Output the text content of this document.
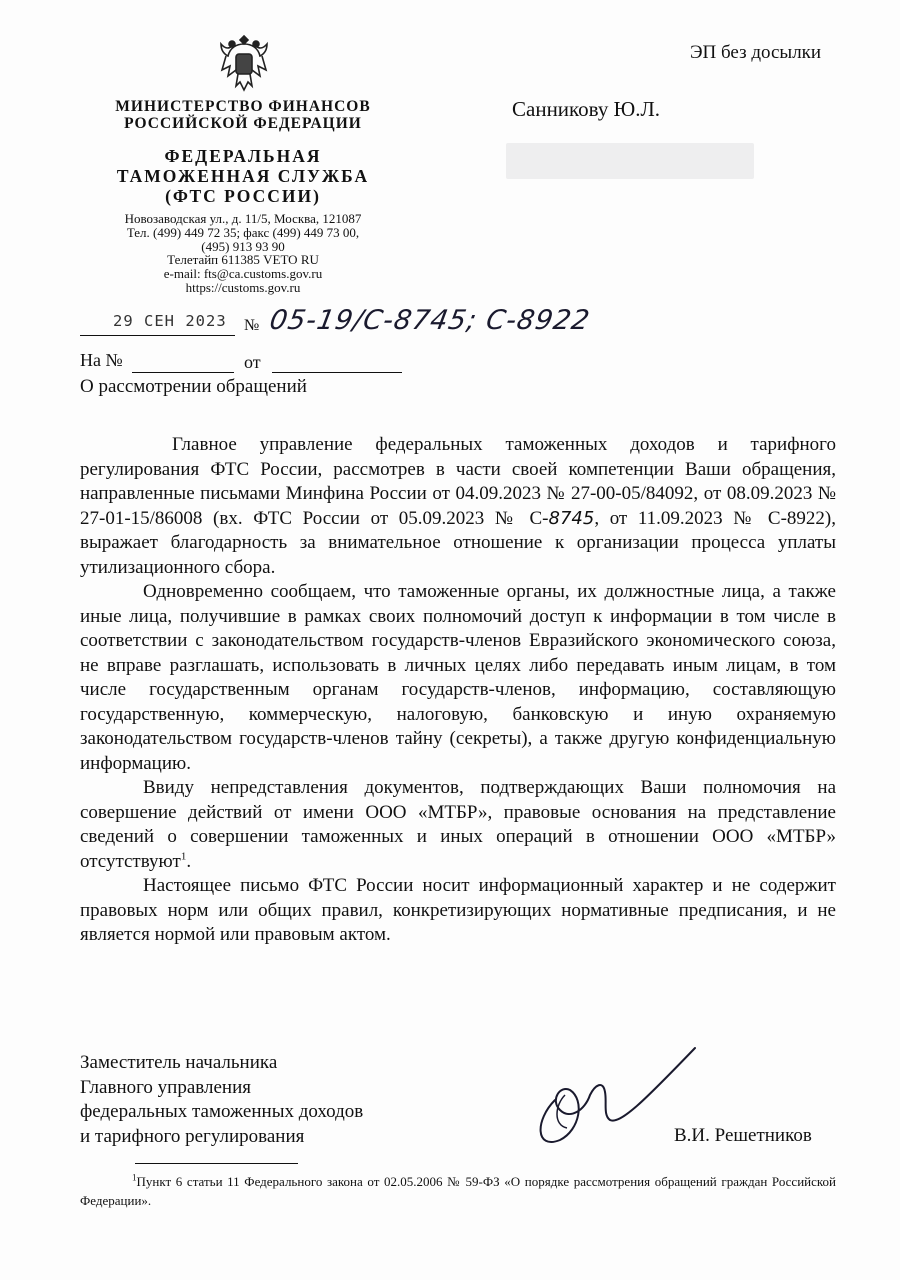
МИНИСТЕРСТВО ФИНАНСОВ
РОССИЙСКОЙ ФЕДЕРАЦИИ
ФЕДЕРАЛЬНАЯ
ТАМОЖЕННАЯ СЛУЖБА
(ФТС РОССИИ)
Новозаводская ул., д. 11/5, Москва, 121087
Тел. (499) 449 72 35; факс (499) 449 73 00,
(495) 913 93 90
Телетайп 611385 VETO RU
e-mail: fts@ca.customs.gov.ru
https://customs.gov.ru
29 СЕН 2023 № 05-19/С-8745; С-8922
На №	от
О рассмотрении обращений
ЭП без досылки
Санникову Ю.Л.

Главное управление федеральных таможенных доходов и тарифного регулирования ФТС России, рассмотрев в части своей компетенции Ваши обращения, направленные письмами Минфина России от 04.09.2023 № 27-00-05/84092, от 08.09.2023 № 27-01-15/86008 (вх. ФТС России от 05.09.2023 № С-8745, от 11.09.2023 № С-8922), выражает благодарность за внимательное отношение к организации процесса уплаты утилизационного сбора.

Одновременно сообщаем, что таможенные органы, их должностные лица, а также иные лица, получившие в рамках своих полномочий доступ к информации в том числе в соответствии с законодательством государств-членов Евразийского экономического союза, не вправе разглашать, использовать в личных целях либо передавать иным лицам, в том числе государственным органам государств-членов, информацию, составляющую государственную, коммерческую, налоговую, банковскую и иную охраняемую законодательством государств-членов тайну (секреты), а также другую конфиденциальную информацию.

Ввиду непредставления документов, подтверждающих Ваши полномочия на совершение действий от имени ООО «МТБР», правовые основания на представление сведений о совершении таможенных и иных операций в отношении ООО «МТБР» отсутствуют$^1$.

Настоящее письмо ФТС России носит информационный характер и не содержит правовых норм или общих правил, конкретизирующих нормативные предписания, и не является нормой или правовым актом.

Заместитель начальника
Главного управления
федеральных таможенных доходов
и тарифного регулирования	В.И. Решетников
$^1$Пункт 6 статьи 11 Федерального закона от 02.05.2006 № 59-ФЗ «О порядке рассмотрения обращений граждан Российской Федерации».
